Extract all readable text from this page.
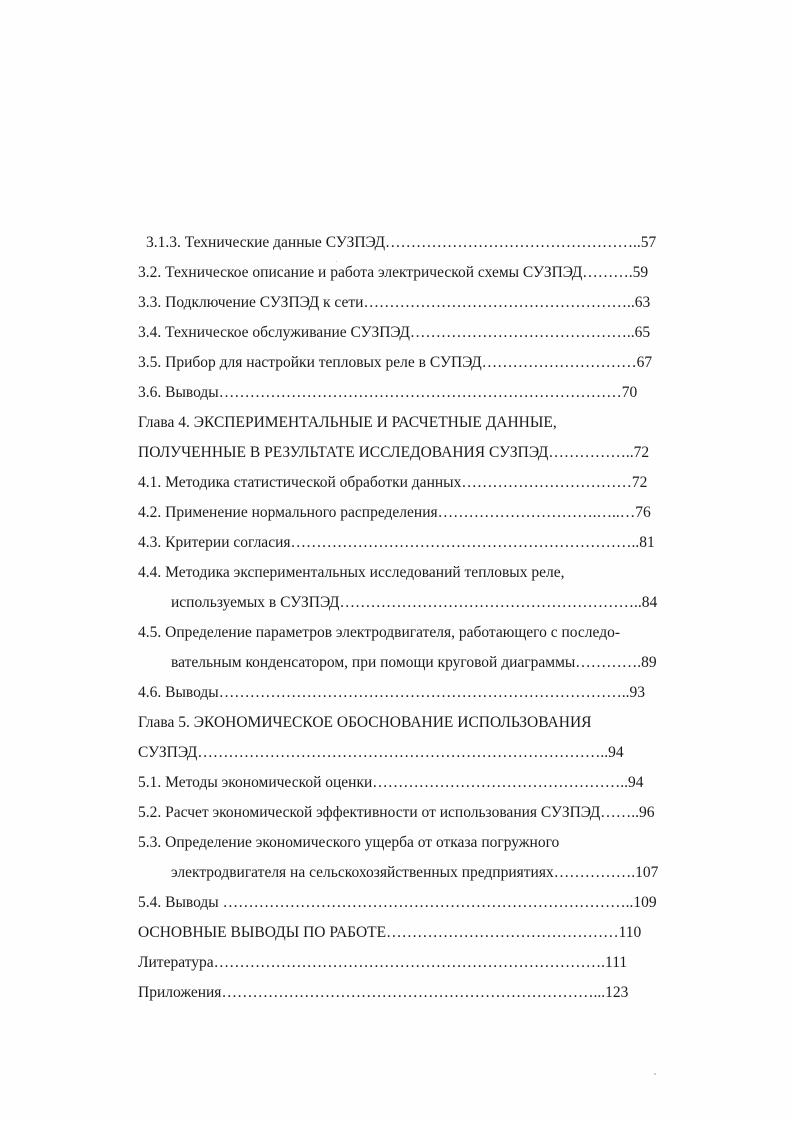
3.1.3. Технические данные СУЗПЭД…………………………………………..57
3.2. Техническое описание и работа электрической схемы СУЗПЭД……….59
3.3. Подключение СУЗПЭД к сети……………………………………………..63
3.4. Техническое обслуживание СУЗПЭД……………………………………..65
3.5. Прибор для настройки тепловых реле в СУПЭД…………………………67
3.6. Выводы……………………………………………………………………70
Глава 4. ЭКСПЕРИМЕНТАЛЬНЫЕ И РАСЧЕТНЫЕ ДАННЫЕ,
ПОЛУЧЕННЫЕ В РЕЗУЛЬТАТЕ ИССЛЕДОВАНИЯ СУЗПЭД……………..72
4.1. Методика статистической обработки данных……………………………72
4.2. Применение нормального распределения………………………….…..…76
4.3. Критерии согласия…………………………………………………………..81
4.4. Методика экспериментальных исследований тепловых реле,
используемых в СУЗПЭД…………………………………………………..84
4.5. Определение параметров электродвигателя, работающего с последо-
вательным конденсатором, при помощи круговой диаграммы………….89
4.6. Выводы……………………………………………………………………..93
Глава 5. ЭКОНОМИЧЕСКОЕ ОБОСНОВАНИЕ ИСПОЛЬЗОВАНИЯ
СУЗПЭД……………………………………………………………………..94
5.1. Методы экономической оценки…………………………………………..94
5.2. Расчет экономической эффективности от использования СУЗПЭД……..96
5.3. Определение экономического ущерба от отказа погружного
электродвигателя на сельскохозяйственных предприятиях…………….107
5.4. Выводы ……………………………………………………………………..109
ОСНОВНЫЕ ВЫВОДЫ ПО РАБОТЕ………………………………………110
Литература………………………………………………………………….111
Приложения………………………………………………………………...123
